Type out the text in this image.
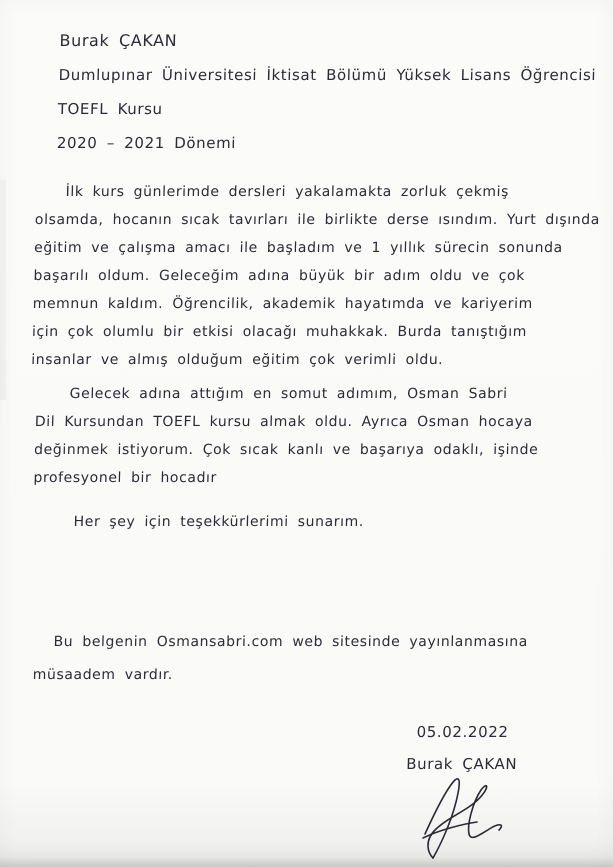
Burak ÇAKAN
Dumlupınar Üniversitesi İktisat Bölümü Yüksek Lisans Öğrencisi
TOEFL Kursu
2020 – 2021 Dönemi
İlk kurs günlerimde dersleri yakalamakta zorluk çekmiş
olsamda, hocanın sıcak tavırları ile birlikte derse ısındım. Yurt dışında
eğitim ve çalışma amacı ile başladım ve 1 yıllık sürecin sonunda
başarılı oldum. Geleceğim adına büyük bir adım oldu ve çok
memnun kaldım. Öğrencilik, akademik hayatımda ve kariyerim
için çok olumlu bir etkisi olacağı muhakkak. Burda tanıştığım
insanlar ve almış olduğum eğitim çok verimli oldu.
Gelecek adına attığım en somut adımım, Osman Sabri
Dil Kursundan TOEFL kursu almak oldu. Ayrıca Osman hocaya
değinmek istiyorum. Çok sıcak kanlı ve başarıya odaklı, işinde
profesyonel bir hocadır
Her şey için teşekkürlerimi sunarım.
Bu belgenin Osmansabri.com web sitesinde yayınlanmasına
müsaadem vardır.
05.02.2022
Burak ÇAKAN
